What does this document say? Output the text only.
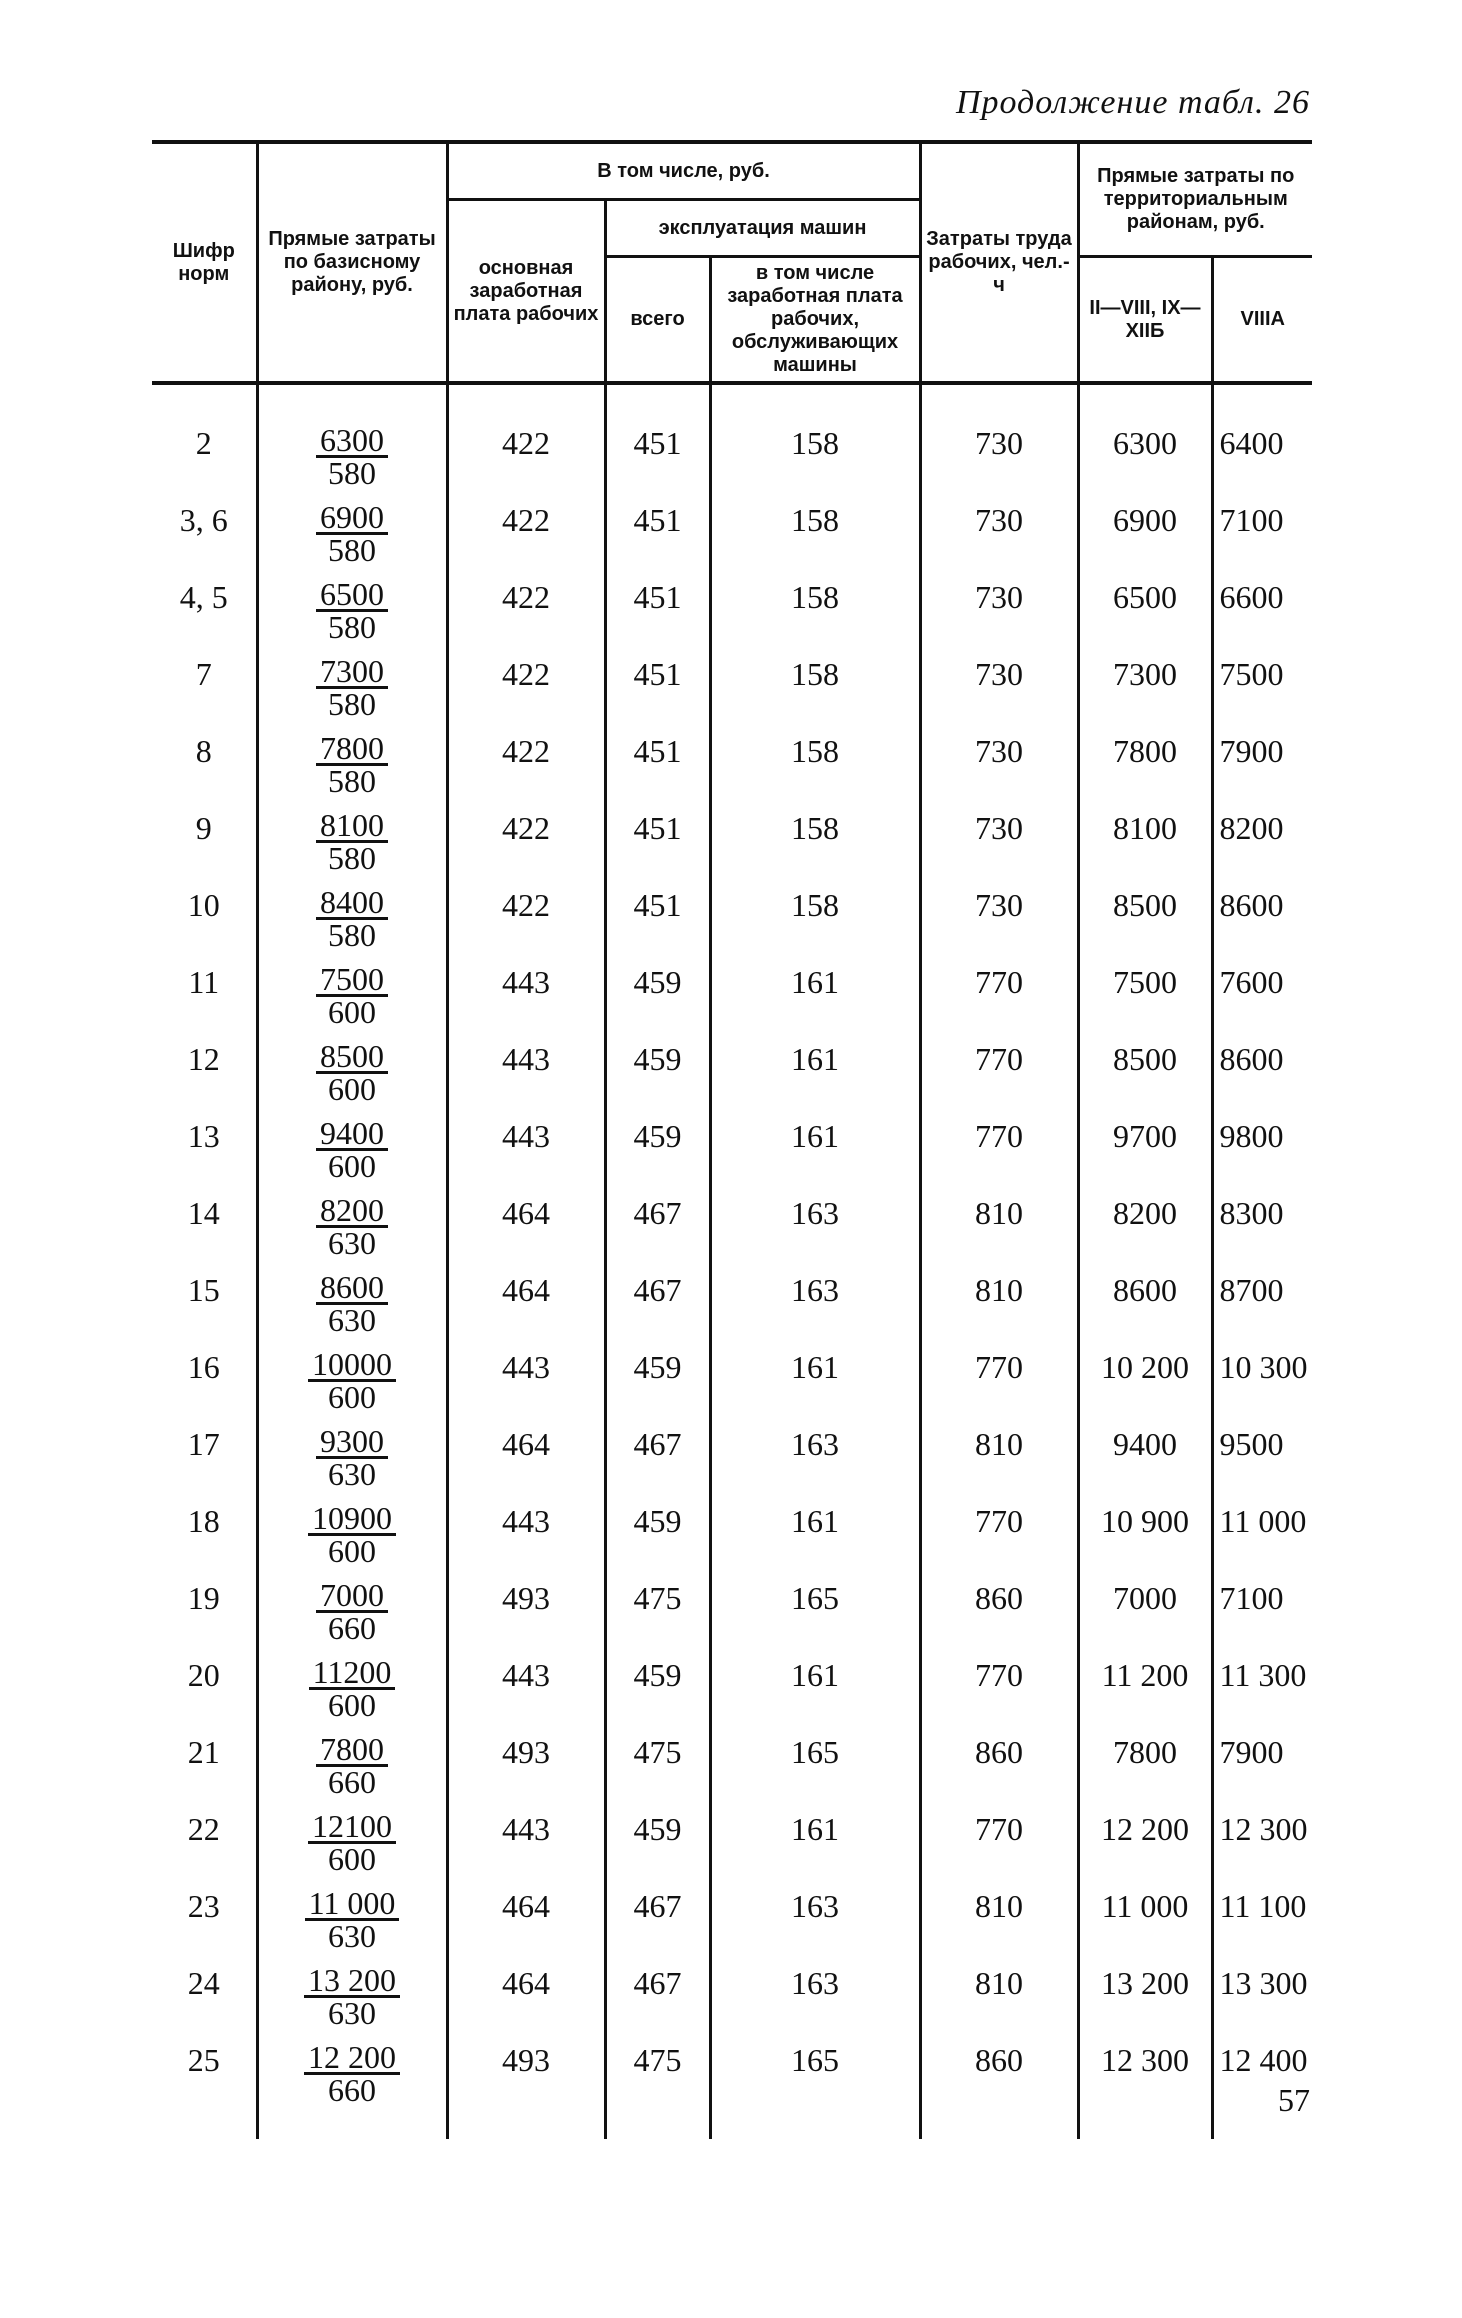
Продолжение табл. 26
Шифр норм	Прямые затраты по базисному району, руб.	В том числе, руб.			Затраты труда рабочих, чел.-ч	Прямые затраты по территориальным районам, руб.	
		основная заработная плата рабочих	эксплуатация машин				
			всего	в том числе заработная плата рабочих, обслуживающих машины		II—VIII, IX—XIIБ	VIIIA

2	$\frac{6300}{580}$	422	451	158	730	6300	6400

3, 6	$\frac{6900}{580}$	422	451	158	730	6900	7100

4, 5	$\frac{6500}{580}$	422	451	158	730	6500	6600

7	$\frac{7300}{580}$	422	451	158	730	7300	7500

8	$\frac{7800}{580}$	422	451	158	730	7800	7900

9	$\frac{8100}{580}$	422	451	158	730	8100	8200

10	$\frac{8400}{580}$	422	451	158	730	8500	8600

11	$\frac{7500}{600}$	443	459	161	770	7500	7600

12	$\frac{8500}{600}$	443	459	161	770	8500	8600

13	$\frac{9400}{600}$	443	459	161	770	9700	9800

14	$\frac{8200}{630}$	464	467	163	810	8200	8300

15	$\frac{8600}{630}$	464	467	163	810	8600	8700

16	$\frac{10000}{600}$	443	459	161	770	10 200	10 300

17	$\frac{9300}{630}$	464	467	163	810	9400	9500

18	$\frac{10900}{600}$	443	459	161	770	10 900	11 000

19	$\frac{7000}{660}$	493	475	165	860	7000	7100

20	$\frac{11200}{600}$	443	459	161	770	11 200	11 300

21	$\frac{7800}{660}$	493	475	165	860	7800	7900

22	$\frac{12100}{600}$	443	459	161	770	12 200	12 300

23	$\frac{11 000}{630}$	464	467	163	810	11 000	11 100

24	$\frac{13 200}{630}$	464	467	163	810	13 200	13 300

25	$\frac{12 200}{660}$	493	475	165	860	12 300	12 400

57
